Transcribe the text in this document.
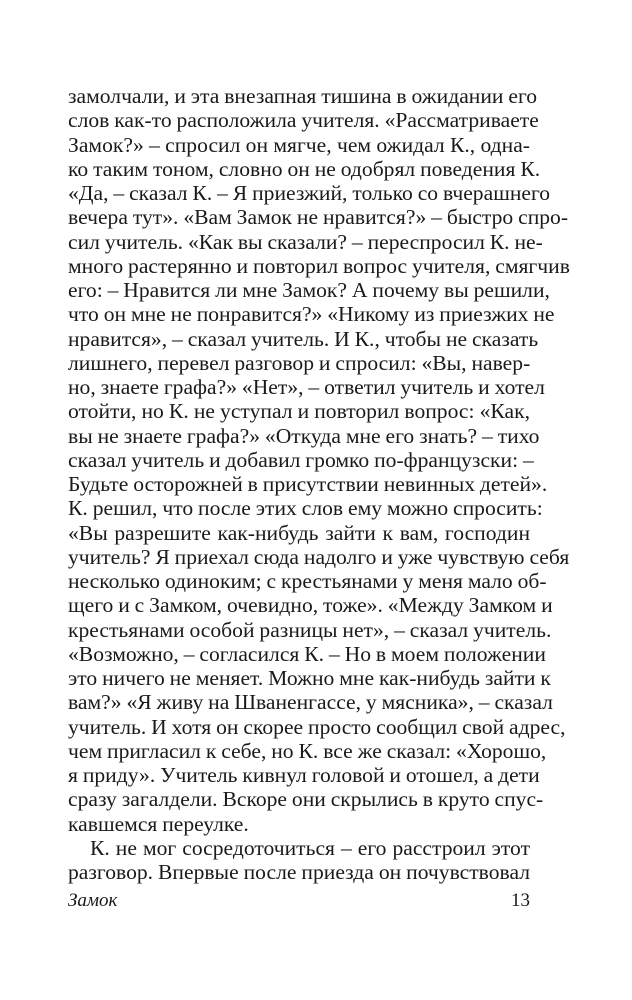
замолчали, и эта внезапная тишина в ожидании его
слов как-то расположила учителя. «Рассматриваете
Замок?» – спросил он мягче, чем ожидал К., одна-
ко таким тоном, словно он не одобрял поведения К.
«Да, – сказал К. – Я приезжий, только со вчерашнего
вечера тут». «Вам Замок не нравится?» – быстро спро-
сил учитель. «Как вы сказали? – переспросил К. не-
много растерянно и повторил вопрос учителя, смягчив
его: – Нравится ли мне Замок? А почему вы решили,
что он мне не понравится?» «Никому из приезжих не
нравится», – сказал учитель. И К., чтобы не сказать
лишнего, перевел разговор и спросил: «Вы, навер-
но, знаете графа?» «Нет», – ответил учитель и хотел
отойти, но К. не уступал и повторил вопрос: «Как,
вы не знаете графа?» «Откуда мне его знать? – тихо
сказал учитель и добавил громко по-французски: –
Будьте осторожней в присутствии невинных детей».
К. решил, что после этих слов ему можно спросить:
«Вы разрешите как-нибудь зайти к вам, господин
учитель? Я приехал сюда надолго и уже чувствую себя
несколько одиноким; с крестьянами у меня мало об-
щего и с Замком, очевидно, тоже». «Между Замком и
крестьянами особой разницы нет», – сказал учитель.
«Возможно, – согласился К. – Но в моем положении
это ничего не меняет. Можно мне как-нибудь зайти к
вам?» «Я живу на Шваненгассе, у мясника», – сказал
учитель. И хотя он скорее просто сообщил свой адрес,
чем пригласил к себе, но К. все же сказал: «Хорошо,
я приду». Учитель кивнул головой и отошел, а дети
сразу загалдели. Вскоре они скрылись в круто спус-
кавшемся переулке.
К. не мог сосредоточиться – его расстроил этот
разговор. Впервые после приезда он почувствовал
Замок	13
